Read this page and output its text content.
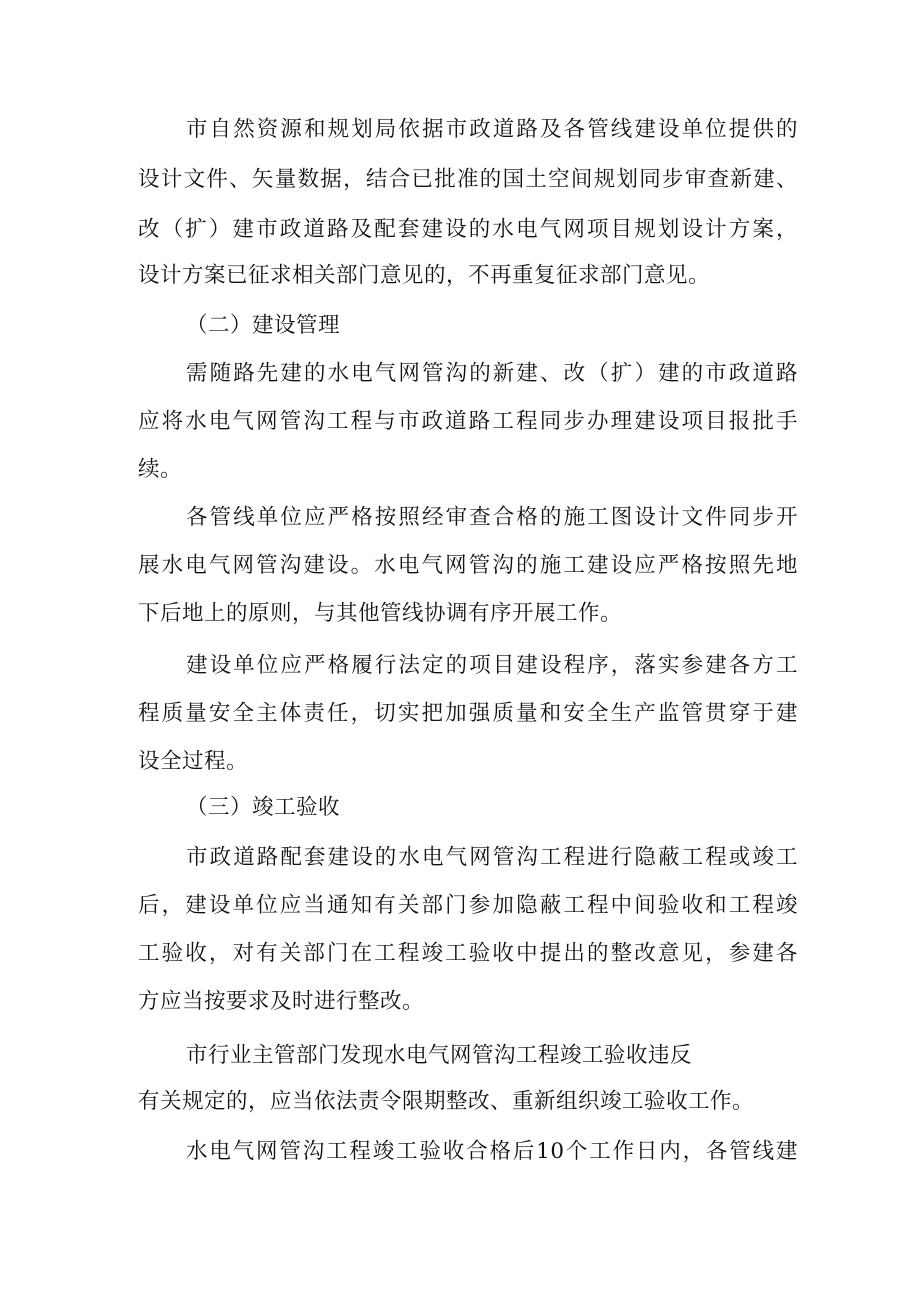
市自然资源和规划局依据市政道路及各管线建设单位提供的
设计文件、矢量数据，结合已批准的国土空间规划同步审查新建、
改（扩）建市政道路及配套建设的水电气网项目规划设计方案，
设计方案已征求相关部门意见的，不再重复征求部门意见。
（二）建设管理
需随路先建的水电气网管沟的新建、改（扩）建的市政道路
应将水电气网管沟工程与市政道路工程同步办理建设项目报批手
续。
各管线单位应严格按照经审查合格的施工图设计文件同步开
展水电气网管沟建设。水电气网管沟的施工建设应严格按照先地
下后地上的原则，与其他管线协调有序开展工作。
建设单位应严格履行法定的项目建设程序，落实参建各方工
程质量安全主体责任，切实把加强质量和安全生产监管贯穿于建
设全过程。
（三）竣工验收
市政道路配套建设的水电气网管沟工程进行隐蔽工程或竣工
后，建设单位应当通知有关部门参加隐蔽工程中间验收和工程竣
工验收，对有关部门在工程竣工验收中提出的整改意见，参建各
方应当按要求及时进行整改。
市行业主管部门发现水电气网管沟工程竣工验收违反
有关规定的，应当依法责令限期整改、重新组织竣工验收工作。
水电气网管沟工程竣工验收合格后10个工作日内，各管线建
